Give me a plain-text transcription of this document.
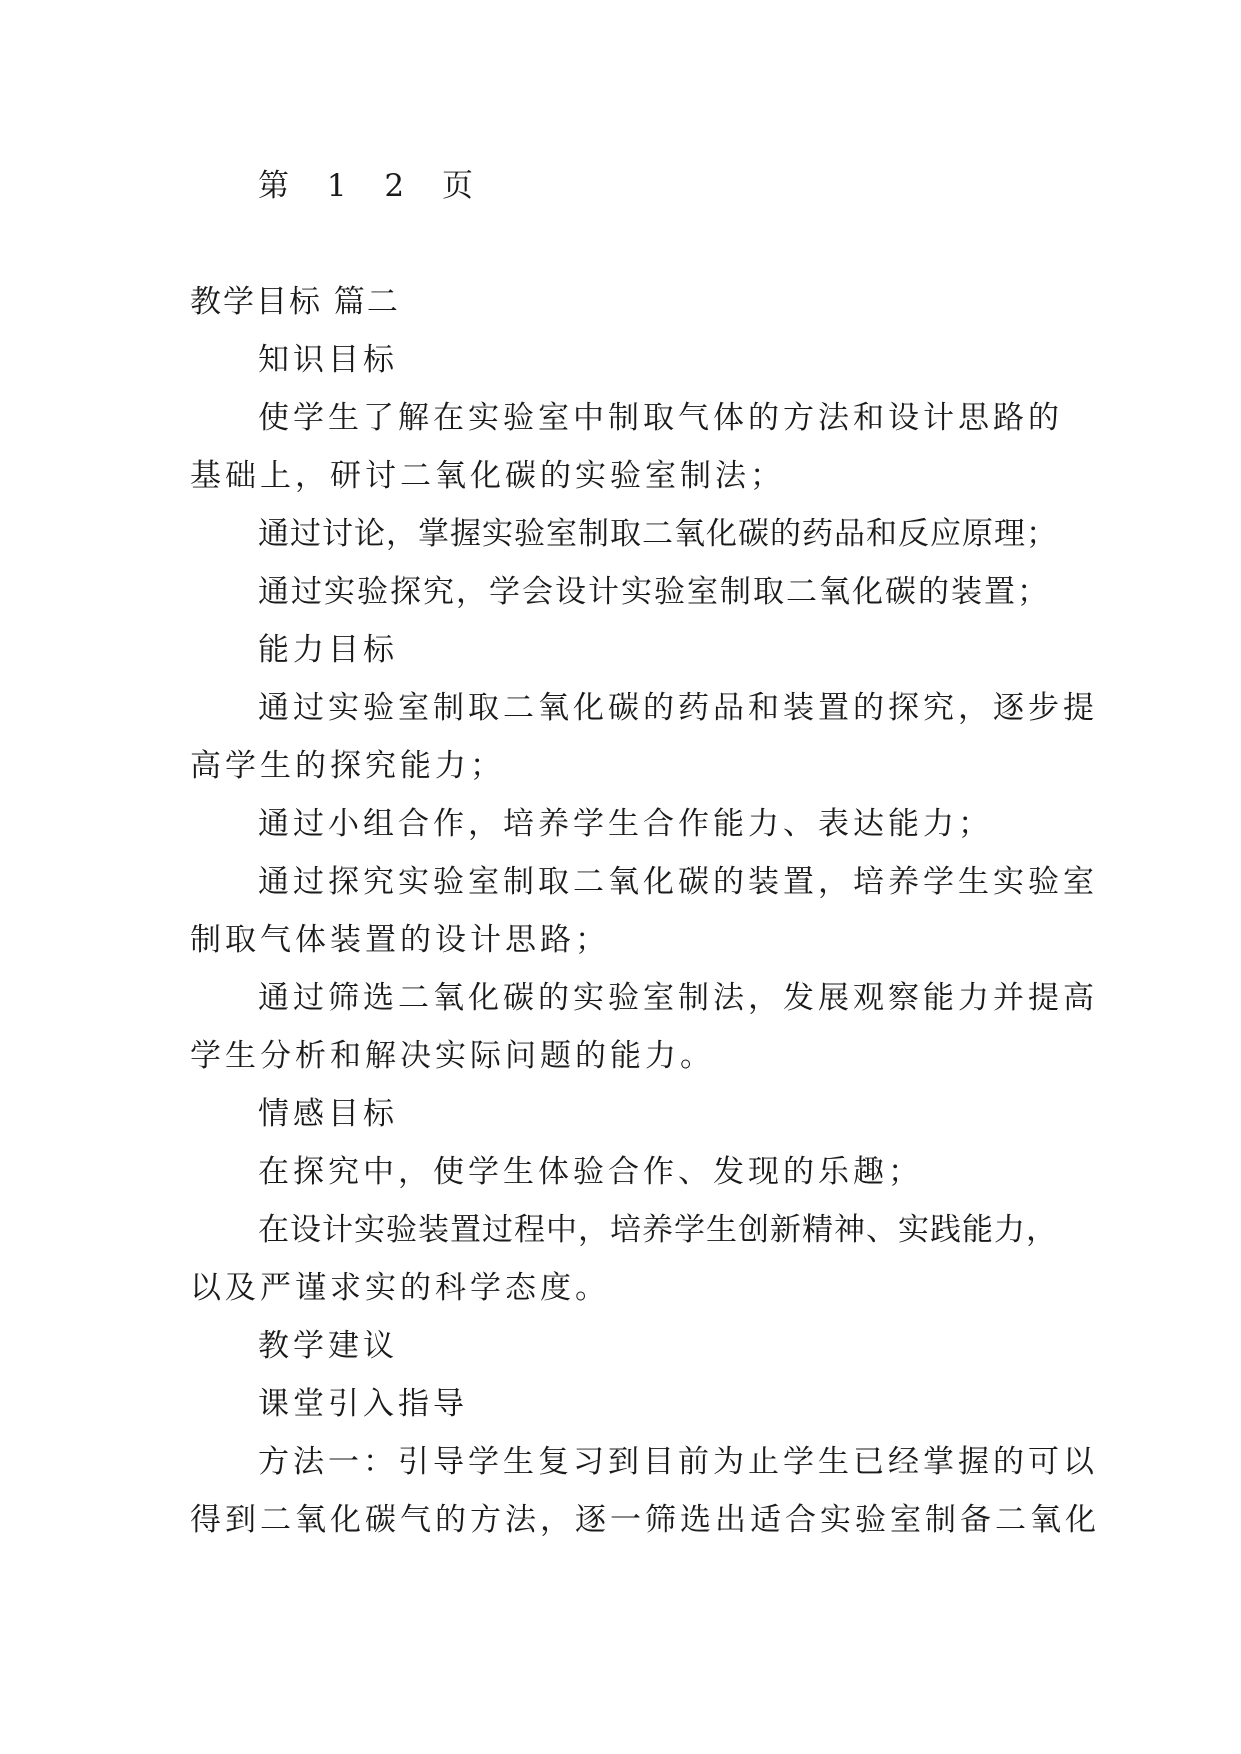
第 1 2 页
教学目标 篇二
知识目标
使学生了解在实验室中制取气体的方法和设计思路的
基础上，研讨二氧化碳的实验室制法；
通过讨论，掌握实验室制取二氧化碳的药品和反应原理；
通过实验探究，学会设计实验室制取二氧化碳的装置；
能力目标
通过实验室制取二氧化碳的药品和装置的探究，逐步提
高学生的探究能力；
通过小组合作，培养学生合作能力、表达能力；
通过探究实验室制取二氧化碳的装置，培养学生实验室
制取气体装置的设计思路；
通过筛选二氧化碳的实验室制法，发展观察能力并提高
学生分析和解决实际问题的能力。
情感目标
在探究中，使学生体验合作、发现的乐趣；
在设计实验装置过程中，培养学生创新精神、实践能力，
以及严谨求实的科学态度。
教学建议
课堂引入指导
方法一：引导学生复习到目前为止学生已经掌握的可以
得到二氧化碳气的方法，逐一筛选出适合实验室制备二氧化
